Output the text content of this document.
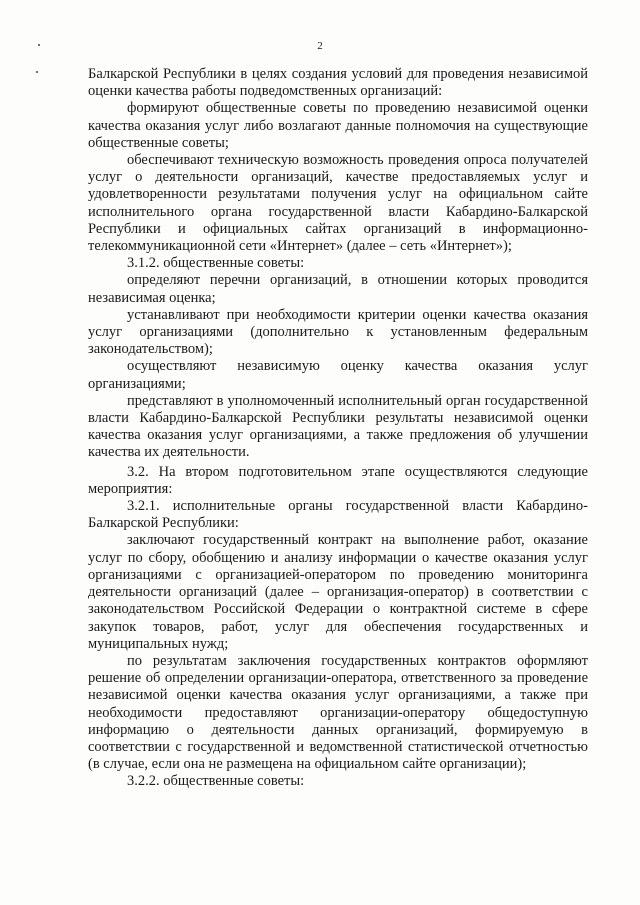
2

Балкарской Республики в целях создания условий для проведения независимой оценки качества работы подведомственных организаций:

формируют общественные советы по проведению независимой оценки качества оказания услуг либо возлагают данные полномочия на существующие общественные советы;

обеспечивают техническую возможность проведения опроса получателей услуг о деятельности организаций, качестве предоставляемых услуг и удовлетворенности результатами получения услуг на официальном сайте исполнительного органа государственной власти Кабардино-Балкарской Республики и официальных сайтах организаций в информационно-телекоммуникационной сети «Интернет» (далее – сеть «Интернет»);

3.1.2. общественные советы:

определяют перечни организаций, в отношении которых проводится независимая оценка;

устанавливают при необходимости критерии оценки качества оказания услуг организациями (дополнительно к установленным федеральным законодательством);

осуществляют независимую оценку качества оказания услуг организациями;

представляют в уполномоченный исполнительный орган государственной власти Кабардино-Балкарской Республики результаты независимой оценки качества оказания услуг организациями, а также предложения об улучшении качества их деятельности.

3.2. На втором подготовительном этапе осуществляются следующие мероприятия:

3.2.1. исполнительные органы государственной власти Кабардино-Балкарской Республики:

заключают государственный контракт на выполнение работ, оказание услуг по сбору, обобщению и анализу информации о качестве оказания услуг организациями с организацией-оператором по проведению мониторинга деятельности организаций (далее – организация-оператор) в соответствии с законодательством Российской Федерации о контрактной системе в сфере закупок товаров, работ, услуг для обеспечения государственных и муниципальных нужд;

по результатам заключения государственных контрактов оформляют решение об определении организации-оператора, ответственного за проведение независимой оценки качества оказания услуг организациями, а также при необходимости предоставляют организации-оператору общедоступную информацию о деятельности данных организаций, формируемую в соответствии с государственной и ведомственной статистической отчетностью (в случае, если она не размещена на официальном сайте организации);

3.2.2. общественные советы:
